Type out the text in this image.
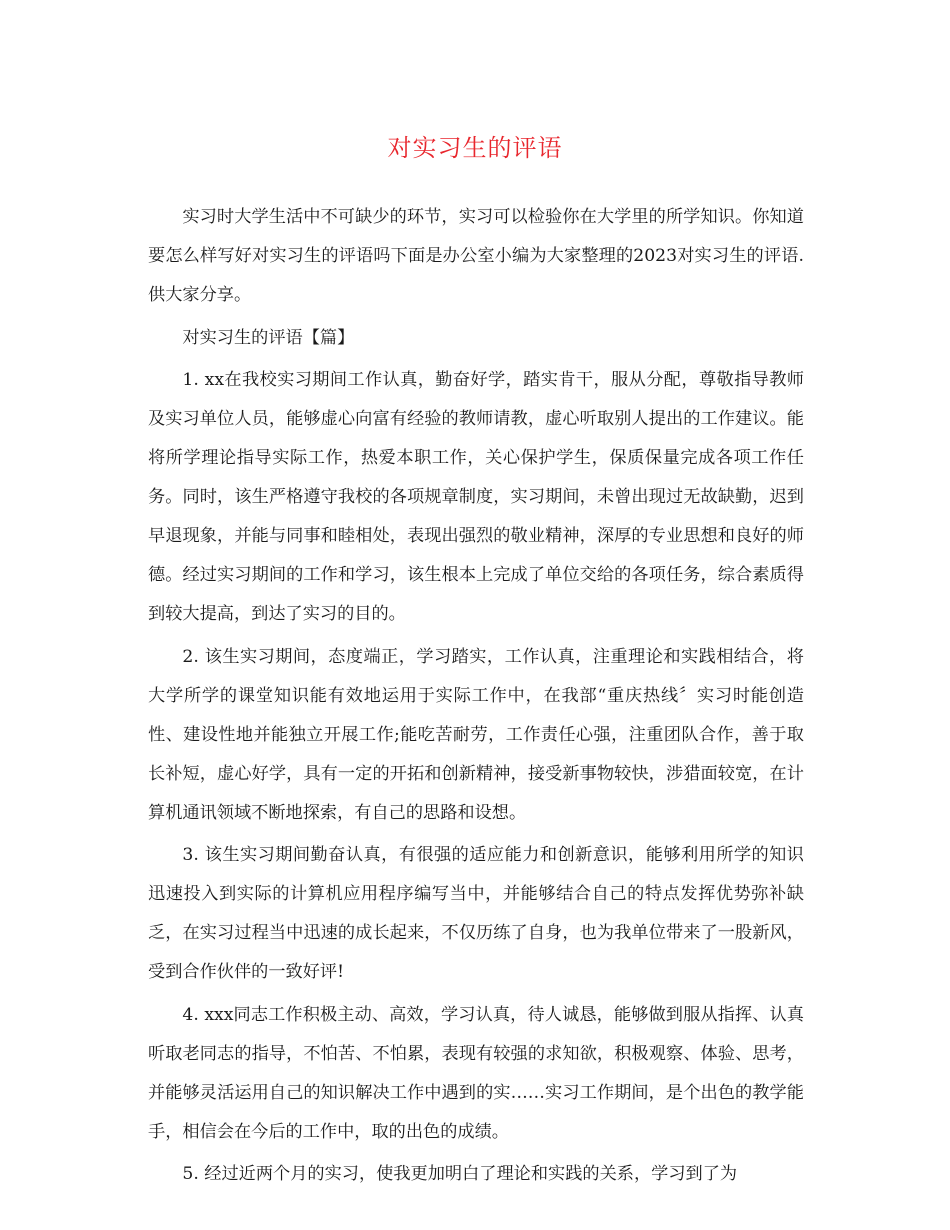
对实习生的评语

实习时大学生活中不可缺少的环节，实习可以检验你在大学里的所学知识。你知道要怎么样写好对实习生的评语吗下面是办公室小编为大家整理的2023对实习生的评语.供大家分享。

对实习生的评语【篇】

1. xx在我校实习期间工作认真，勤奋好学，踏实肯干，服从分配，尊敬指导教师及实习单位人员，能够虚心向富有经验的教师请教，虚心听取别人提出的工作建议。能将所学理论指导实际工作，热爱本职工作，关心保护学生，保质保量完成各项工作任务。同时，该生严格遵守我校的各项规章制度，实习期间，未曾出现过无故缺勤，迟到早退现象，并能与同事和睦相处，表现出强烈的敬业精神，深厚的专业思想和良好的师德。经过实习期间的工作和学习，该生根本上完成了单位交给的各项任务，综合素质得到较大提高，到达了实习的目的。

2. 该生实习期间，态度端正，学习踏实，工作认真，注重理论和实践相结合，将大学所学的课堂知识能有效地运用于实际工作中，在我部“重庆热线〞实习时能创造性、建设性地并能独立开展工作;能吃苦耐劳，工作责任心强，注重团队合作，善于取长补短，虚心好学，具有一定的开拓和创新精神，接受新事物较快，涉猎面较宽，在计算机通讯领域不断地探索，有自己的思路和设想。

3. 该生实习期间勤奋认真，有很强的适应能力和创新意识，能够利用所学的知识迅速投入到实际的计算机应用程序编写当中，并能够结合自己的特点发挥优势弥补缺乏，在实习过程当中迅速的成长起来，不仅历练了自身，也为我单位带来了一股新风，受到合作伙伴的一致好评!

4. xxx同志工作积极主动、高效，学习认真，待人诚恳，能够做到服从指挥、认真听取老同志的指导，不怕苦、不怕累，表现有较强的求知欲，积极观察、体验、思考，并能够灵活运用自己的知识解决工作中遇到的实……实习工作期间，是个出色的教学能手，相信会在今后的工作中，取的出色的成绩。

5. 经过近两个月的实习，使我更加明白了理论和实践的关系，学习到了为
